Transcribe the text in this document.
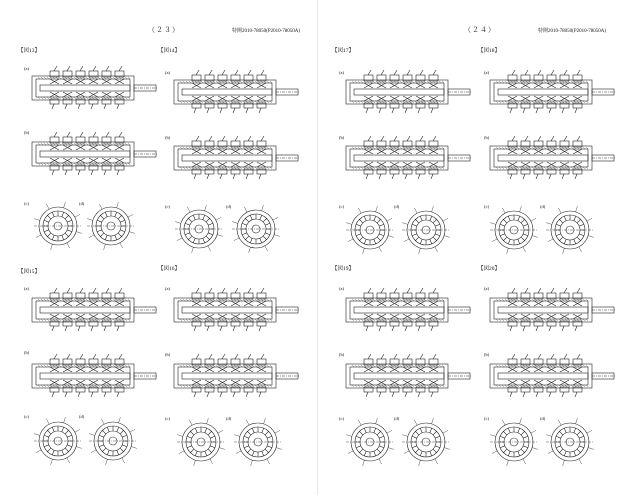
（２３）	特開2010-78050(P2010-78050A)
【図13】
(a)
(b)
(c)	(d)
【図14】
(a)
(b)
(c)	(d)
【図15】
(a)
(b)
(c)	(d)
【図16】
(a)
(b)
(c)	(d)
（２４）	特開2010-78050(P2010-78050A)
【図17】
(a)
(b)
(c)	(d)
【図18】
(a)
(b)
(c)	(d)
【図19】
(a)
(b)
(c)	(d)
【図20】
(a)
(b)
(c)	(d)
